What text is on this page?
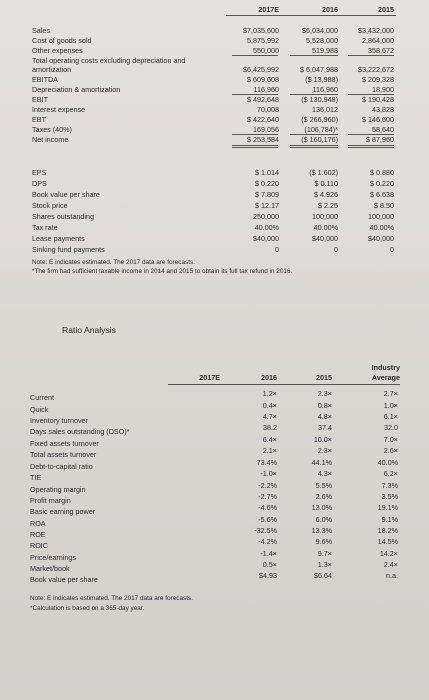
2017E	2016	2015
Sales	$7,035,600	$6,034,000	$3,432,000
Cost of goods sold	5,875,992	5,528,000	2,864,000
Other expenses	550,000	519,988	358,672
Total operating costs excluding depreciation and
amortization	$6,425,992	$ 6,047,988	$3,222,672
EBITDA	$ 609,608	($ 13,988)	$ 209,328
Depreciation & amortization	116,960	116,960	18,900
EBIT	$ 492,648	($ 130,948)	$ 190,428
Interest expense	70,008	136,012	43,828
EBT	$ 422,640	($ 266,960)	$ 146,600
Taxes (40%)	169,056	(106,784)*	58,640
Net income	$ 253,584	($ 160,176)	$ 87,960
EPS	$ 1.014	($ 1.602)	$ 0.880
DPS	$ 0.220	$ 0.110	$ 0.220
Book value per share	$ 7.809	$ 4.926	$ 6.638
Stock price	$ 12.17	$ 2.25	$ 8.50
Shares outstanding	250,000	100,000	100,000
Tax rate	40.00%	40.00%	40.00%
Lease payments	$40,000	$40,000	$40,000
Sinking fund payments	0	0	0
Note: E indicates estimated. The 2017 data are forecasts.
*The firm had sufficient taxable income in 2014 and 2015 to obtain its full tax refund in 2016.
Ratio Analysis
2017E	2016	2015
Industry
Average
Current	1.2×	2.3×	2.7×
Quick	0.4×	0.8×	1.0×
Inventory turnover	4.7×	4.8×	6.1×
Days sales outstanding (DSO)*	38.2	37.4	32.0
Fixed assets turnover	6.4×	10.0×	7.0×
Total assets turnover	2.1×	2.3×	2.6×
Debt-to-capital ratio	73.4%	44.1%	40.0%
TIE	-1.0×	4.3×	6.2×
Operating margin	-2.2%	5.5%	7.3%
Profit margin	-2.7%	2.6%	3.5%
Basic earning power	-4.6%	13.0%	19.1%
ROA	-5.6%	6.0%	9.1%
ROE	-32.5%	13.3%	18.2%
ROIC	-4.2%	9.6%	14.5%
Price/earnings	-1.4×	9.7×	14.2×
Market/book	0.5×	1.3×	2.4×
Book value per share	$4.93	$6.64	n.a.
Note: E indicates estimated. The 2017 data are forecasts.
*Calculation is based on a 365-day year.
